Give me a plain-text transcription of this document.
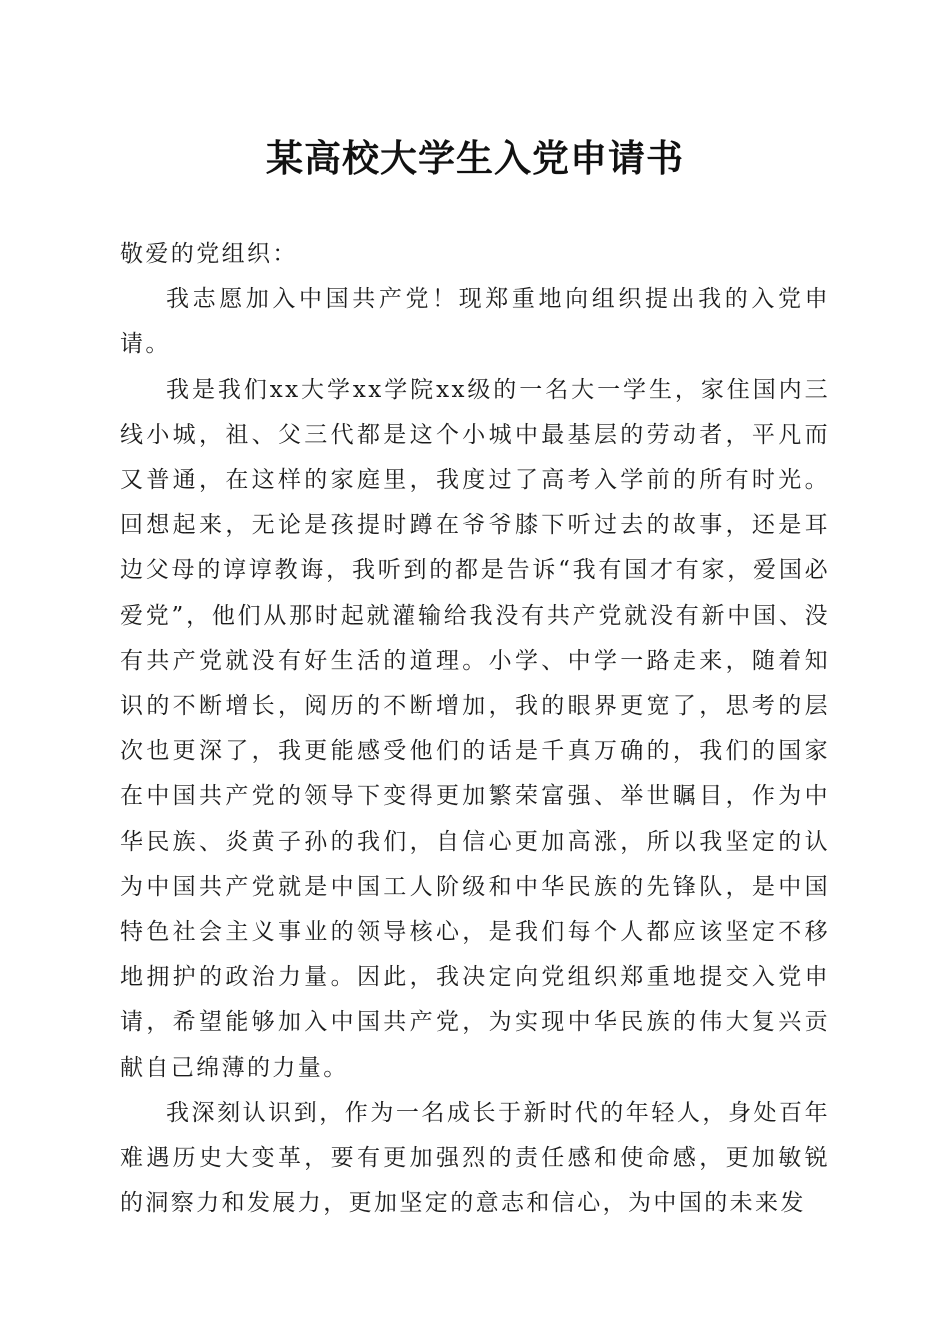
某高校大学生入党申请书

敬爱的党组织：

我志愿加入中国共产党！现郑重地向组织提出我的入党申请。

我是我们xx大学xx学院xx级的一名大一学生，家住国内三线小城，祖、父三代都是这个小城中最基层的劳动者，平凡而又普通，在这样的家庭里，我度过了高考入学前的所有时光。回想起来，无论是孩提时蹲在爷爷膝下听过去的故事，还是耳边父母的谆谆教诲，我听到的都是告诉“我有国才有家，爱国必爱党”，他们从那时起就灌输给我没有共产党就没有新中国、没有共产党就没有好生活的道理。小学、中学一路走来，随着知识的不断增长，阅历的不断增加，我的眼界更宽了，思考的层次也更深了，我更能感受他们的话是千真万确的，我们的国家在中国共产党的领导下变得更加繁荣富强、举世瞩目，作为中华民族、炎黄子孙的我们，自信心更加高涨，所以我坚定的认为中国共产党就是中国工人阶级和中华民族的先锋队，是中国特色社会主义事业的领导核心，是我们每个人都应该坚定不移地拥护的政治力量。因此，我决定向党组织郑重地提交入党申请，希望能够加入中国共产党，为实现中华民族的伟大复兴贡献自己绵薄的力量。

我深刻认识到，作为一名成长于新时代的年轻人，身处百年难遇历史大变革，要有更加强烈的责任感和使命感，更加敏锐的洞察力和发展力，更加坚定的意志和信心，为中国的未来发
